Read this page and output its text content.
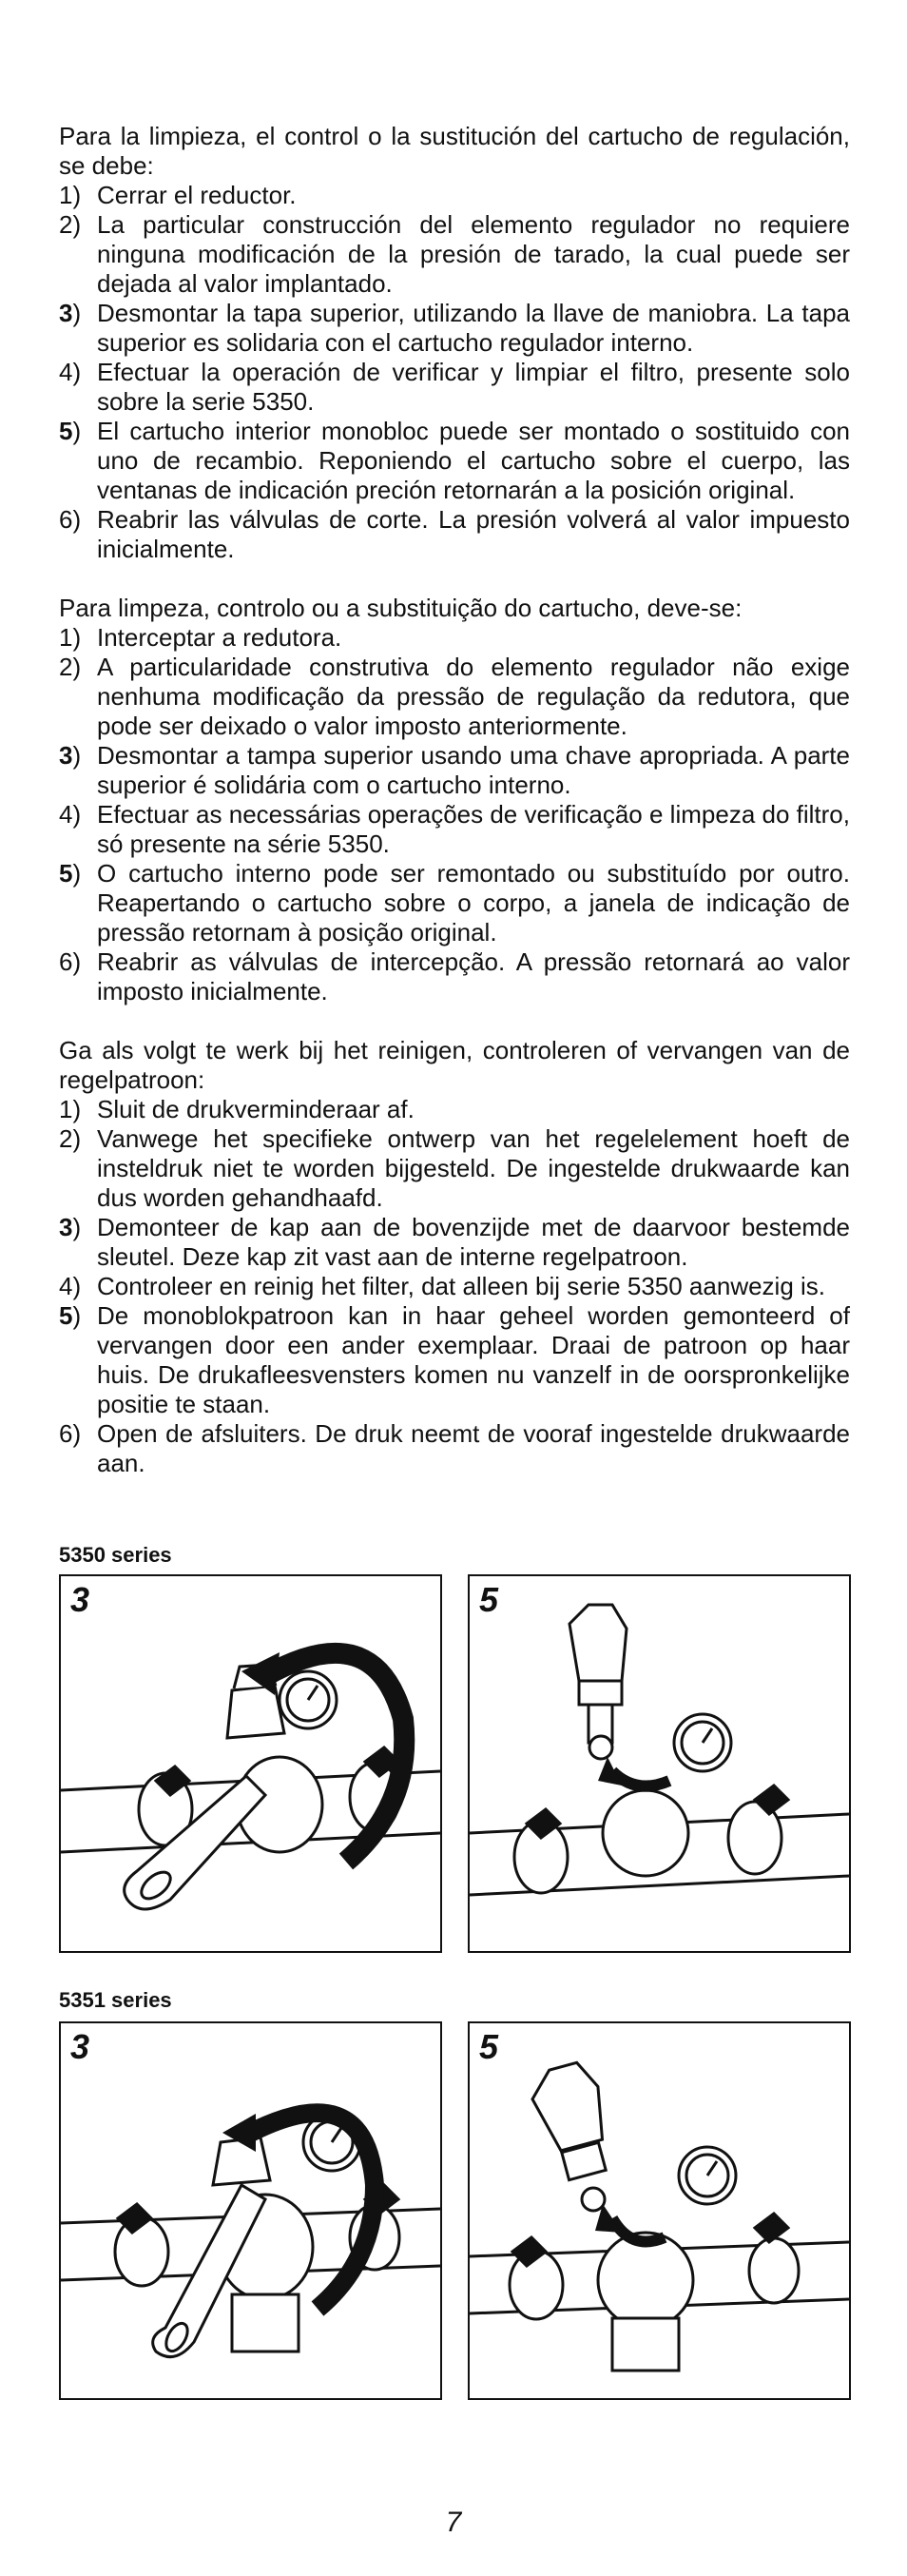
Para la limpieza, el control o la sustitución del cartucho de regulación, se debe:

1) Cerrar el reductor.
2) La particular construcción del elemento regulador no requiere ninguna modificación de la presión de tarado, la cual puede ser dejada al valor implantado.
3) Desmontar la tapa superior, utilizando la llave de maniobra. La tapa superior es solidaria con el cartucho regulador interno.
4) Efectuar la operación de verificar y limpiar el filtro, presente solo sobre la serie 5350.
5) El cartucho interior monobloc puede ser montado o sostituido con uno de recambio. Reponiendo el cartucho sobre el cuerpo, las ventanas de indicación preción retornarán a la posición original.
6) Reabrir las válvulas de corte. La presión volverá al valor impuesto inicialmente.

Para limpeza, controlo ou a substituição do cartucho, deve-se:

1) Interceptar a redutora.
2) A particularidade construtiva do elemento regulador não exige nenhuma modificação da pressão de regulação da redutora, que pode ser deixado o valor imposto anteriormente.
3) Desmontar a tampa superior usando uma chave apropriada. A parte superior é solidária com o cartucho interno.
4) Efectuar as necessárias operações de verificação e limpeza do filtro, só presente na série 5350.
5) O cartucho interno pode ser remontado ou substituído por outro. Reapertando o cartucho sobre o corpo, a janela de indicação de pressão retornam à posição original.
6) Reabrir as válvulas de intercepção. A pressão retornará ao valor imposto inicialmente.

Ga als volgt te werk bij het reinigen, controleren of vervangen van de regelpatroon:

1) Sluit de drukverminderaar af.
2) Vanwege het specifieke ontwerp van het regelelement hoeft de insteldruk niet te worden bijgesteld. De ingestelde drukwaarde kan dus worden gehandhaafd.
3) Demonteer de kap aan de bovenzijde met de daarvoor bestemde sleutel. Deze kap zit vast aan de interne regelpatroon.
4) Controleer en reinig het filter, dat alleen bij serie 5350 aanwezig is.
5) De monoblokpatroon kan in haar geheel worden gemonteerd of vervangen door een ander exemplaar. Draai de patroon op haar huis. De drukafleesvensters komen nu vanzelf in de oorspronkelijke positie te staan.
6) Open de afsluiters. De druk neemt de vooraf ingestelde drukwaarde aan.
5350 series
3	5
5351 series
3	5
7
